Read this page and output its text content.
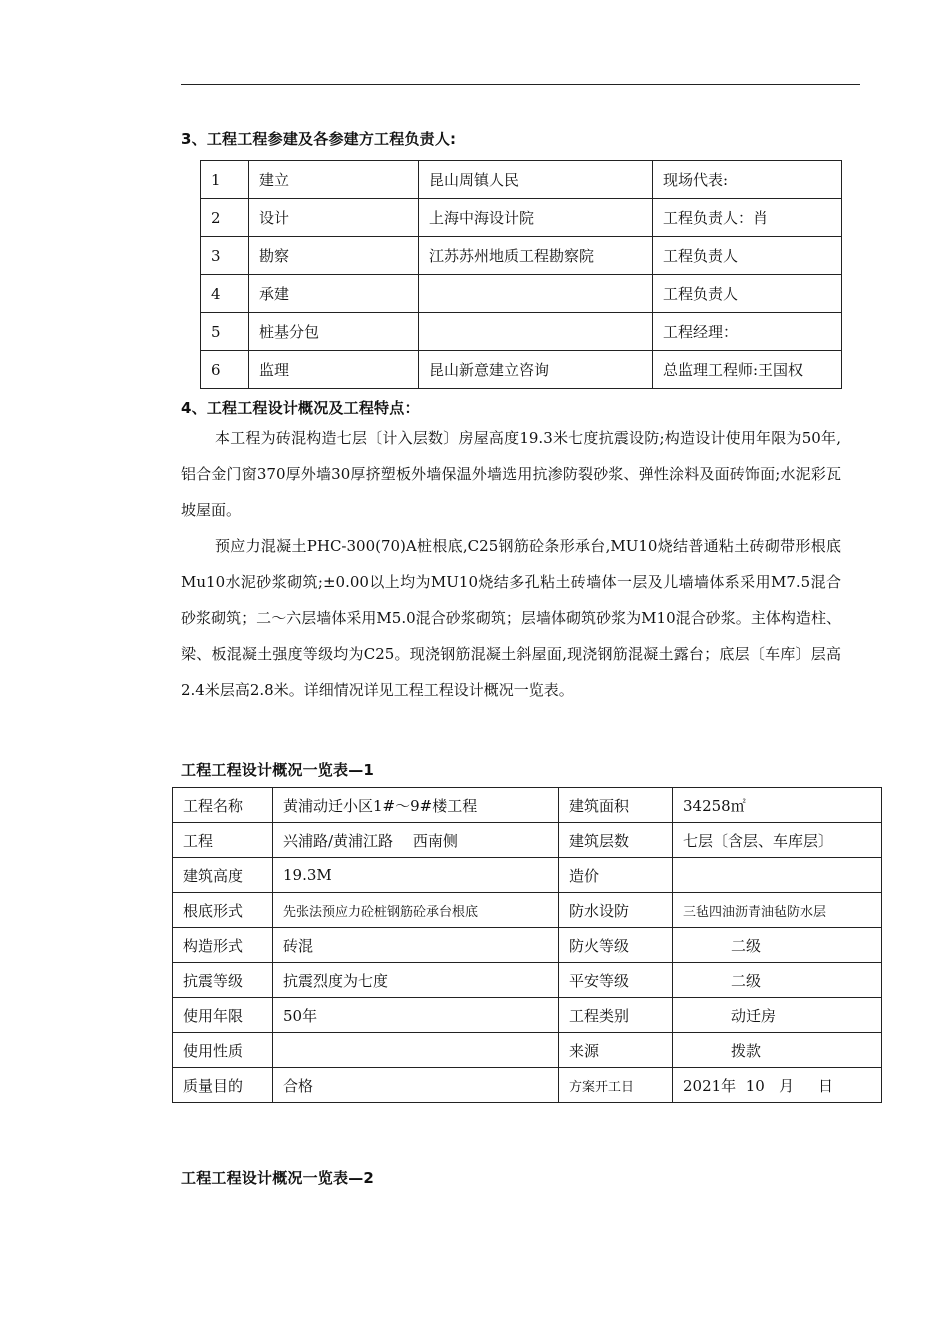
3、工程工程参建及各参建方工程负责人:
1	建立	昆山周镇人民	现场代表:
2	设计	上海中海设计院	工程负责人：肖
3	勘察	江苏苏州地质工程勘察院	工程负责人
4	承建		工程负责人
5	桩基分包		工程经理：
6	监理	昆山新意建立咨询	总监理工程师:王国权
4、工程工程设计概况及工程特点：

本工程为砖混构造七层〔计入层数〕房屋高度19.3米七度抗震设防;构造设计使用年限为50年,铝合金门窗370厚外墙30厚挤塑板外墙保温外墙选用抗渗防裂砂浆、弹性涂料及面砖饰面;水泥彩瓦坡屋面。

预应力混凝土PHC-300(70)A桩根底,C25钢筋砼条形承台,MU10烧结普通粘土砖砌带形根底Mu10水泥砂浆砌筑;±0.00以上均为MU10烧结多孔粘土砖墙体一层及儿墙墙体系采用M7.5混合砂浆砌筑；二～六层墙体采用M5.0混合砂浆砌筑；层墙体砌筑砂浆为M10混合砂浆。主体构造柱、梁、板混凝土强度等级均为C25。现浇钢筋混凝土斜屋面,现浇钢筋混凝土露台；底层〔车库〕层高2.4米层高2.8米。详细情况详见工程工程设计概况一览表。

工程工程设计概况一览表—1
工程名称	黄浦动迁小区1#～9#楼工程	建筑面积	34258㎡
工程	兴浦路/黄浦江路　 西南侧	建筑层数	七层〔含层、车库层〕
建筑高度	19.3M	造价	
根底形式	先张法预应力砼桩钢筋砼承台根底	防水设防	三毡四油沥青油毡防水层
构造形式	砖混	防火等级	二级
抗震等级	抗震烈度为七度	平安等级	二级
使用年限	50年	工程类别	动迁房
使用性质		来源	拨款
质量目的	合格	方案开工日	2021年  10   月     日
工程工程设计概况一览表—2
